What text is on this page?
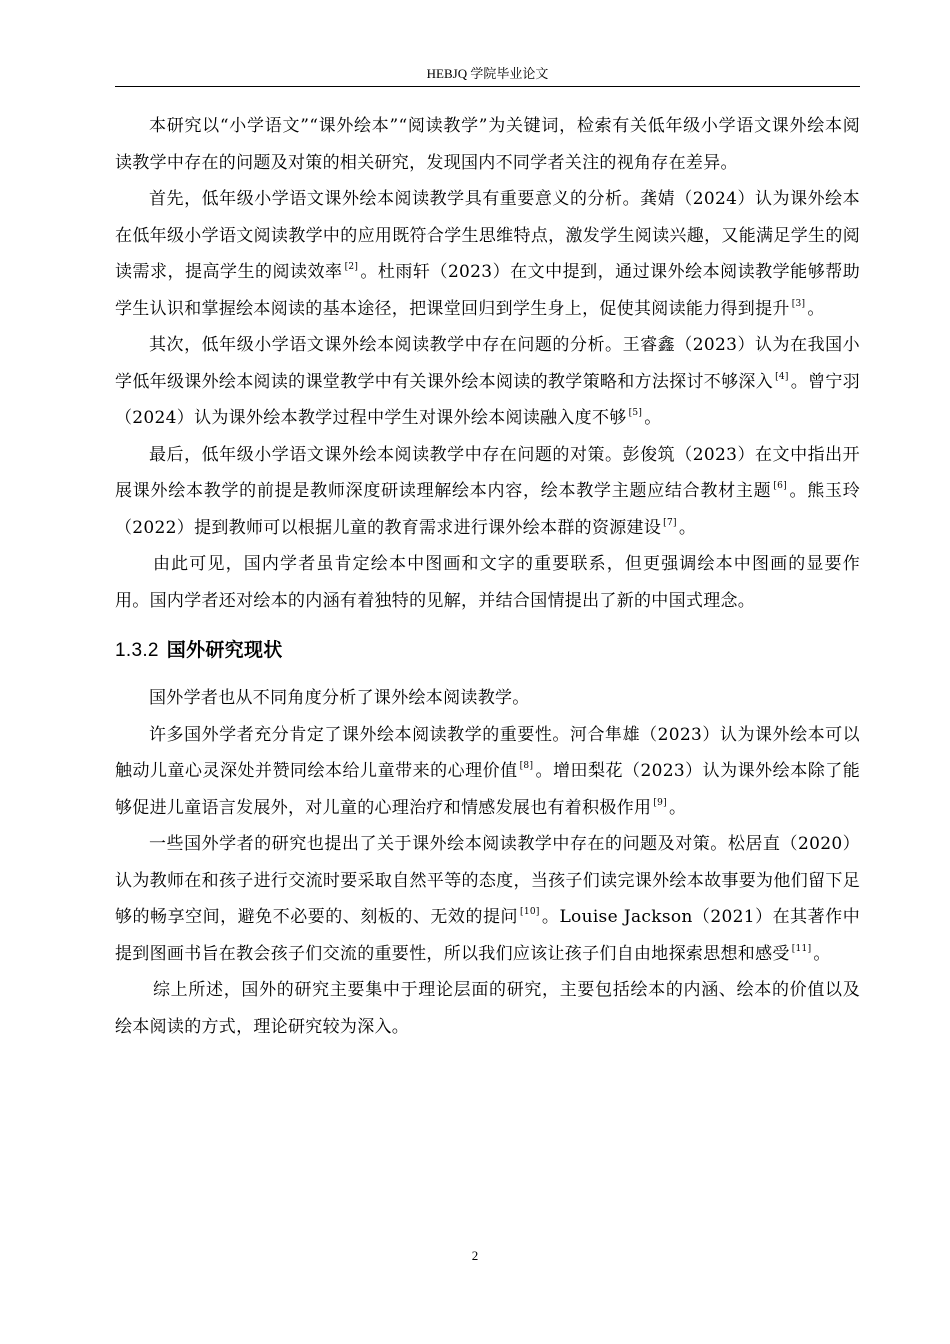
HEBJQ 学院毕业论文

本研究以“小学语文”“课外绘本”“阅读教学”为关键词，检索有关低年级小学语文课外绘本阅读教学中存在的问题及对策的相关研究，发现国内不同学者关注的视角存在差异。

首先，低年级小学语文课外绘本阅读教学具有重要意义的分析。龚婧（2024）认为课外绘本在低年级小学语文阅读教学中的应用既符合学生思维特点，激发学生阅读兴趣，又能满足学生的阅读需求，提高学生的阅读效率 [2] 。杜雨轩（2023）在文中提到，通过课外绘本阅读教学能够帮助学生认识和掌握绘本阅读的基本途径，把课堂回归到学生身上，促使其阅读能力得到提升 [3] 。

其次，低年级小学语文课外绘本阅读教学中存在问题的分析。王睿鑫（2023）认为在我国小学低年级课外绘本阅读的课堂教学中有关课外绘本阅读的教学策略和方法探讨不够深入 [4] 。曾宁羽（2024）认为课外绘本教学过程中学生对课外绘本阅读融入度不够 [5] 。

最后，低年级小学语文课外绘本阅读教学中存在问题的对策。彭俊筑（2023）在文中指出开展课外绘本教学的前提是教师深度研读理解绘本内容，绘本教学主题应结合教材主题 [6] 。熊玉玲（2022）提到教师可以根据儿童的教育需求进行课外绘本群的资源建设 [7] 。

由此可见，国内学者虽肯定绘本中图画和文字的重要联系，但更强调绘本中图画的显要作用。国内学者还对绘本的内涵有着独特的见解，并结合国情提出了新的中国式理念。

1.3.2 国外研究现状

国外学者也从不同角度分析了课外绘本阅读教学。

许多国外学者充分肯定了课外绘本阅读教学的重要性。河合隼雄（2023）认为课外绘本可以触动儿童心灵深处并赞同绘本给儿童带来的心理价值 [8] 。增田梨花（2023）认为课外绘本除了能够促进儿童语言发展外，对儿童的心理治疗和情感发展也有着积极作用 [9] 。

一些国外学者的研究也提出了关于课外绘本阅读教学中存在的问题及对策。松居直（2020）认为教师在和孩子进行交流时要采取自然平等的态度，当孩子们读完课外绘本故事要为他们留下足够的畅享空间，避免不必要的、刻板的、无效的提问 [10] 。Louise Jackson（2021）在其著作中提到图画书旨在教会孩子们交流的重要性，所以我们应该让孩子们自由地探索思想和感受 [11] 。

综上所述，国外的研究主要集中于理论层面的研究，主要包括绘本的内涵、绘本的价值以及绘本阅读的方式，理论研究较为深入。

2
